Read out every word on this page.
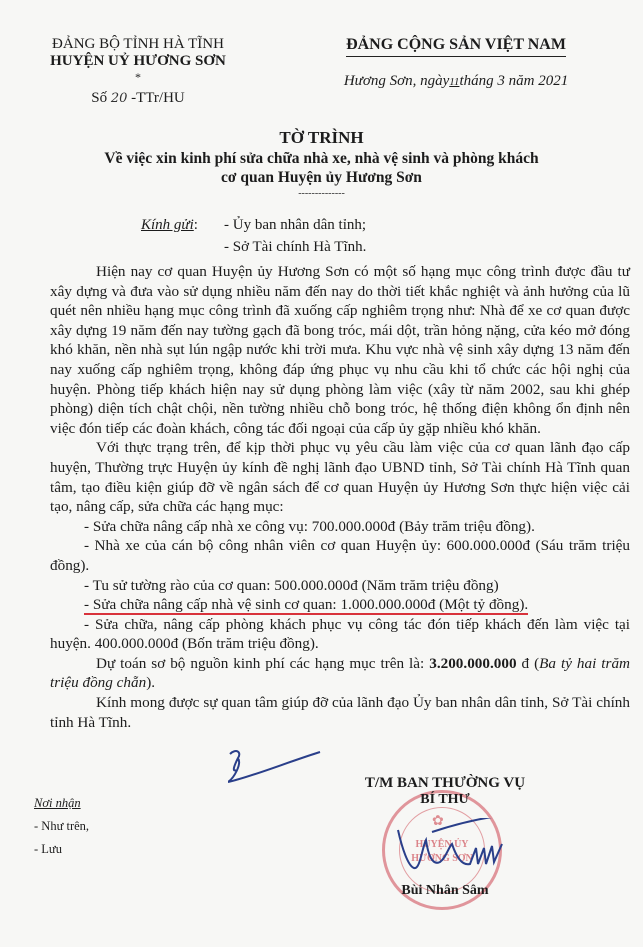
ĐẢNG BỘ TỈNH HÀ TĨNH
HUYỆN UỶ HƯƠNG SƠN
*
Số 20 -TTr/HU
ĐẢNG CỘNG SẢN VIỆT NAM
Hương Sơn, ngày11tháng 3 năm 2021
TỜ TRÌNH
Về việc xin kinh phí sửa chữa nhà xe, nhà vệ sinh và phòng khách
cơ quan Huyện ủy Hương Sơn
--------------
Kính gửi: - Ủy ban nhân dân tỉnh;
- Sở Tài chính Hà Tĩnh.

Hiện nay cơ quan Huyện ủy Hương Sơn có một số hạng mục công trình được đầu tư xây dựng và đưa vào sử dụng nhiều năm đến nay do thời tiết khắc nghiệt và ảnh hưởng của lũ quét nên nhiều hạng mục công trình đã xuống cấp nghiêm trọng như: Nhà để xe cơ quan được xây dựng 19 năm đến nay tường gạch đã bong tróc, mái dột, trần hỏng nặng, cửa kéo mở đóng khó khăn, nền nhà sụt lún ngập nước khi trời mưa. Khu vực nhà vệ sinh xây dựng 13 năm đến nay xuống cấp nghiêm trọng, không đáp ứng phục vụ nhu cầu khi tổ chức các hội nghị của huyện. Phòng tiếp khách hiện nay sử dụng phòng làm việc (xây từ năm 2002, sau khi ghép phòng) diện tích chật chội, nền tường nhiều chỗ bong tróc, hệ thống điện không ổn định nên việc đón tiếp các đoàn khách, công tác đối ngoại của cấp ủy gặp nhiều khó khăn.

Với thực trạng trên, để kịp thời phục vụ yêu cầu làm việc của cơ quan lãnh đạo cấp huyện, Thường trực Huyện ủy kính đề nghị lãnh đạo UBND tỉnh, Sở Tài chính Hà Tĩnh quan tâm, tạo điều kiện giúp đỡ về ngân sách để cơ quan Huyện ủy Hương Sơn thực hiện việc cải tạo, nâng cấp, sửa chữa các hạng mục:

- Sửa chữa nâng cấp nhà xe công vụ: 700.000.000đ (Bảy trăm triệu đồng).

- Nhà xe của cán bộ công nhân viên cơ quan Huyện ủy: 600.000.000đ (Sáu trăm triệu đồng).

- Tu sử tường rào của cơ quan: 500.000.000đ (Năm trăm triệu đồng)

- Sửa chữa nâng cấp nhà vệ sinh cơ quan: 1.000.000.000đ (Một tỷ đồng).

- Sửa chữa, nâng cấp phòng khách phục vụ công tác đón tiếp khách đến làm việc tại huyện. 400.000.000đ (Bốn trăm triệu đồng).

Dự toán sơ bộ nguồn kinh phí các hạng mục trên là: 3.200.000.000 đ (Ba tỷ hai trăm triệu đồng chẵn).

Kính mong được sự quan tâm giúp đỡ của lãnh đạo Ủy ban nhân dân tỉnh, Sở Tài chính tỉnh Hà Tĩnh.

Nơi nhận
- Như trên,
- Lưu
✿
HUYỆN ỦY
HƯƠNG SƠN
T/M BAN THƯỜNG VỤ
BÍ THƯ
Bùi Nhân Sâm
